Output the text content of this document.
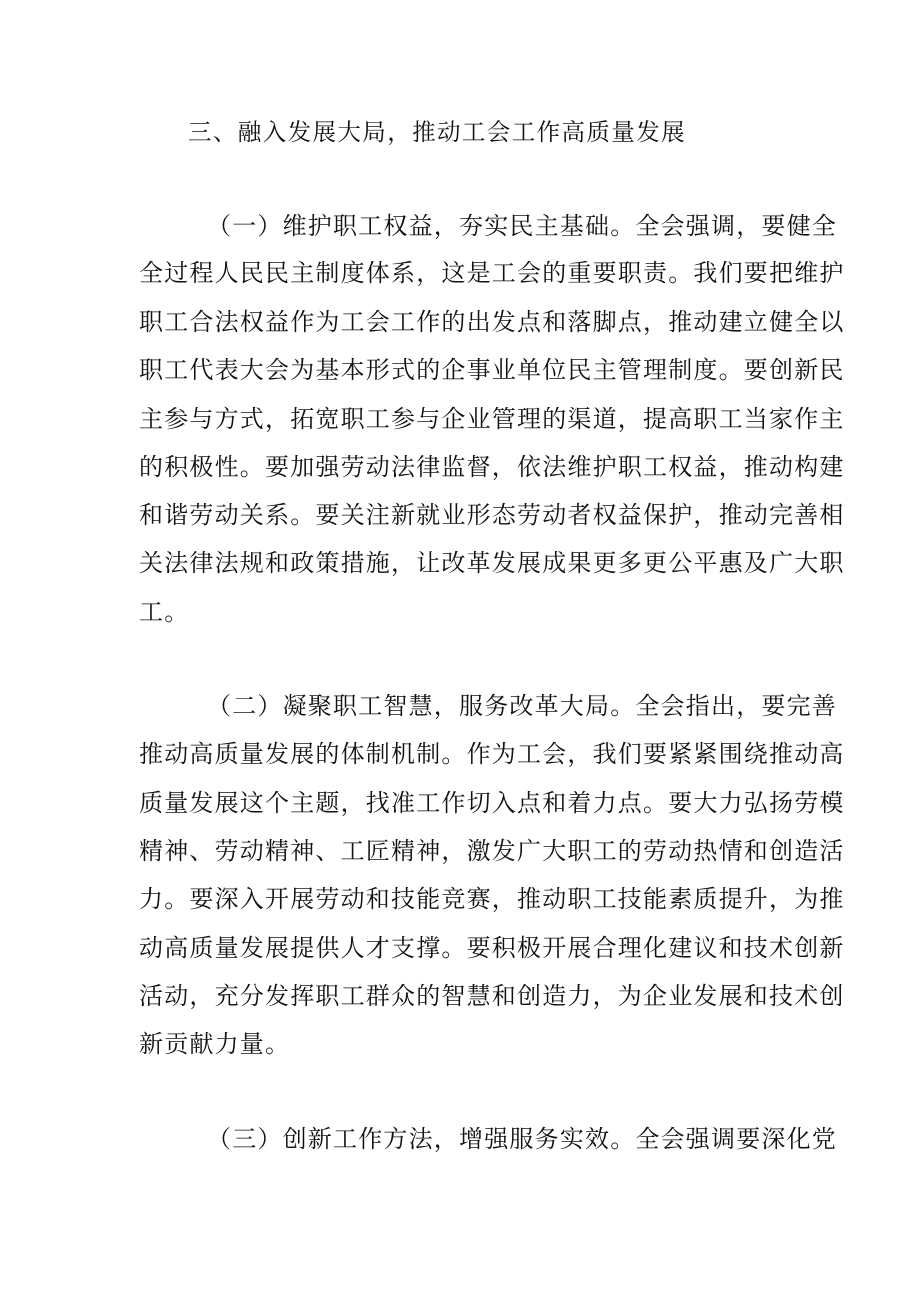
三、融入发展大局，推动工会工作高质量发展
（一）维护职工权益，夯实民主基础。全会强调，要健全
全过程人民民主制度体系，这是工会的重要职责。我们要把维护
职工合法权益作为工会工作的出发点和落脚点，推动建立健全以
职工代表大会为基本形式的企事业单位民主管理制度。要创新民
主参与方式，拓宽职工参与企业管理的渠道，提高职工当家作主
的积极性。要加强劳动法律监督，依法维护职工权益，推动构建
和谐劳动关系。要关注新就业形态劳动者权益保护，推动完善相
关法律法规和政策措施，让改革发展成果更多更公平惠及广大职
工。
（二）凝聚职工智慧，服务改革大局。全会指出，要完善
推动高质量发展的体制机制。作为工会，我们要紧紧围绕推动高
质量发展这个主题，找准工作切入点和着力点。要大力弘扬劳模
精神、劳动精神、工匠精神，激发广大职工的劳动热情和创造活
力。要深入开展劳动和技能竞赛，推动职工技能素质提升，为推
动高质量发展提供人才支撑。要积极开展合理化建议和技术创新
活动，充分发挥职工群众的智慧和创造力，为企业发展和技术创
新贡献力量。
（三）创新工作方法，增强服务实效。全会强调要深化党
